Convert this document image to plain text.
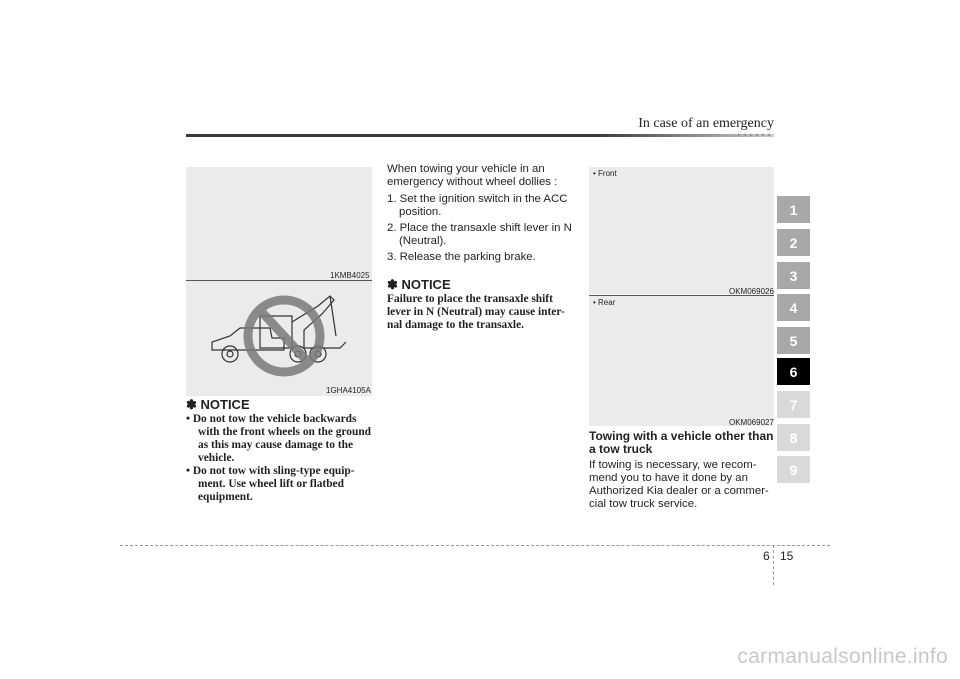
In case of an emergency
1KMB4025
1GHA4105A
✽ NOTICE
• Do not tow the vehicle backwards with the front wheels on the ground as this may cause damage to the vehicle.
• Do not tow with sling-type equip- ment. Use wheel lift or flatbed equipment.
When towing your vehicle in an emergency without wheel dollies :
1. Set the ignition switch in the ACC position.
2. Place the transaxle shift lever in N (Neutral).
3. Release the parking brake.
✽ NOTICE
Failure to place the transaxle shift lever in N (Neutral) may cause inter- nal damage to the transaxle.
• Front
OKM069026
• Rear
OKM069027
Towing with a vehicle other than a tow truck
If towing is necessary, we recom- mend you to have it done by an Authorized Kia dealer or a commer- cial tow truck service.
1
2
3
4
5
6
7
8
9
6 15
carmanualsonline.info
